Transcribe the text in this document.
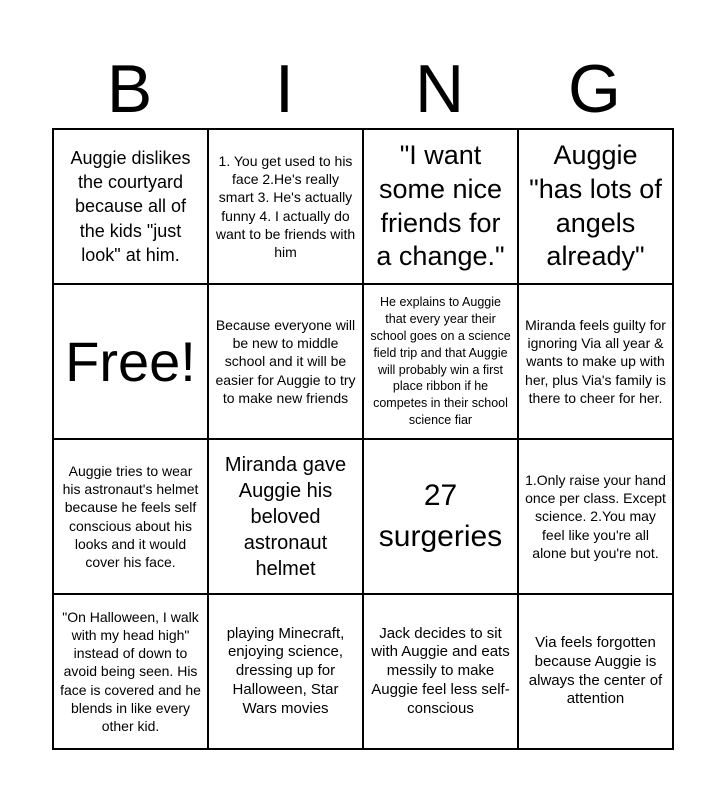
B	I	N	G
Auggie dislikes the courtyard because all of the kids "just look" at him.	1. You get used to his face 2.He's really smart 3. He's actually funny 4. I actually do want to be friends with him	"I want some nice friends for a change."	Auggie "has lots of angels already"
Free!	Because everyone will be new to middle school and it will be easier for Auggie to try to make new friends	He explains to Auggie that every year their school goes on a science field trip and that Auggie will probably win a first place ribbon if he competes in their school science fiar	Miranda feels guilty for ignoring Via all year & wants to make up with her, plus Via's family is there to cheer for her.
Auggie tries to wear his astronaut's helmet because he feels self conscious about his looks and it would cover his face.	Miranda gave Auggie his beloved astronaut helmet	27 surgeries	1.Only raise your hand once per class. Except science. 2.You may feel like you're all alone but you're not.
"On Halloween, I walk with my head high" instead of down to avoid being seen. His face is covered and he blends in like every other kid.	playing Minecraft, enjoying science, dressing up for Halloween, Star Wars movies	Jack decides to sit with Auggie and eats messily to make Auggie feel less self-conscious	Via feels forgotten because Auggie is always the center of attention
